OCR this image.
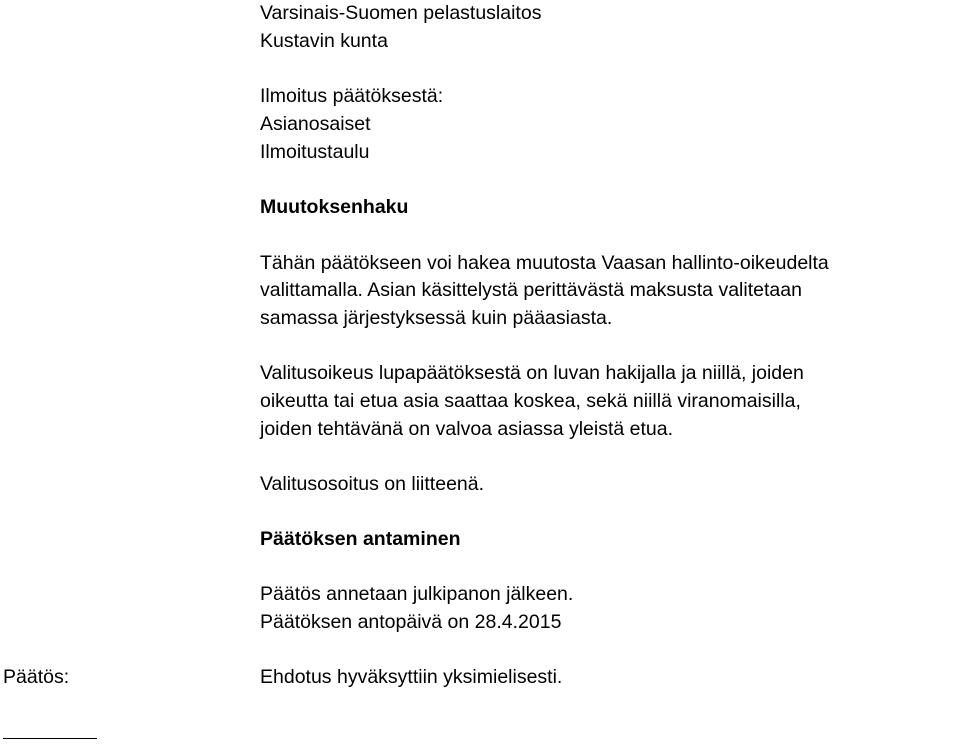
Varsinais-Suomen pelastuslaitos
Kustavin kunta
Ilmoitus päätöksestä:
Asianosaiset
Ilmoitustaulu
Muutoksenhaku
Tähän päätökseen voi hakea muutosta Vaasan hallinto-oikeudelta
valittamalla. Asian käsittelystä perittävästä maksusta valitetaan
samassa järjestyksessä kuin pääasiasta.
Valitusoikeus lupapäätöksestä on luvan hakijalla ja niillä, joiden
oikeutta tai etua asia saattaa koskea, sekä niillä viranomaisilla,
joiden tehtävänä on valvoa asiassa yleistä etua.
Valitusosoitus on liitteenä.
Päätöksen antaminen
Päätös annetaan julkipanon jälkeen.
Päätöksen antopäivä on 28.4.2015
Päätös:	Ehdotus hyväksyttiin yksimielisesti.
